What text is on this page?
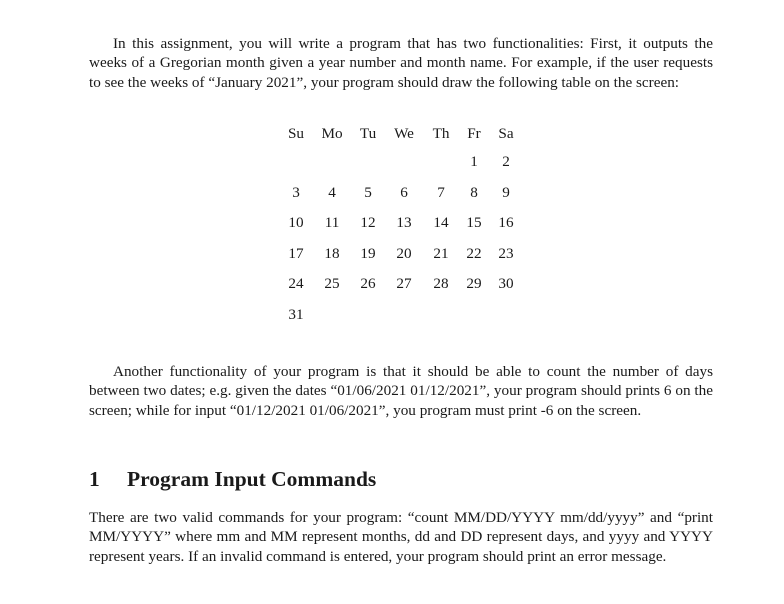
In this assignment, you will write a program that has two functionalities: First, it outputs the weeks of a Gregorian month given a year number and month name. For example, if the user requests to see the weeks of “January 2021”, your program should draw the following table on the screen:

Su	Mo	Tu	We	Th	Fr	Sa
					1	2
3	4	5	6	7	8	9
10	11	12	13	14	15	16
17	18	19	20	21	22	23
24	25	26	27	28	29	30
31						

Another functionality of your program is that it should be able to count the number of days between two dates; e.g. given the dates “01/06/2021 01/12/2021”, your program should prints 6 on the screen; while for input “01/12/2021 01/06/2021”, you program must print -6 on the screen.

1 Program Input Commands

There are two valid commands for your program: “count MM/DD/YYYY mm/dd/yyyy” and “print MM/YYYY” where mm and MM represent months, dd and DD represent days, and yyyy and YYYY represent years. If an invalid command is entered, your program should print an error message.
